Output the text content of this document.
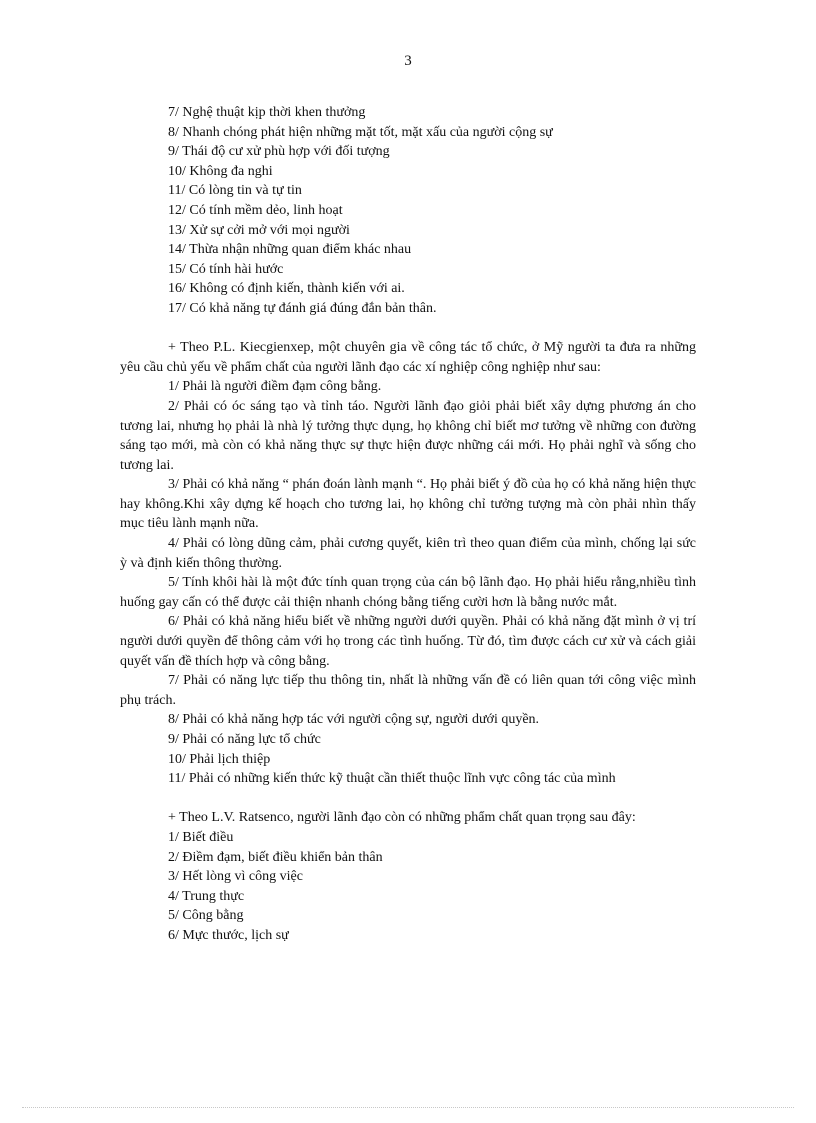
3
7/ Nghệ thuật kịp thời khen thưởng
8/ Nhanh chóng phát hiện những mặt tốt, mặt xấu của người cộng sự
9/ Thái độ cư xử phù hợp với đối tượng
10/ Không đa nghi
11/ Có lòng tin và tự tin
12/ Có tính mềm dẻo, linh hoạt
13/ Xử sự cởi mở với mọi người
14/ Thừa nhận những quan điểm khác nhau
15/ Có tính hài hước
16/ Không có định kiến, thành kiến với ai.
17/ Có khả năng tự đánh giá đúng đắn bản thân.
+ Theo P.L. Kiecgienxep, một chuyên gia về công tác tổ chức, ở Mỹ người ta đưa ra những yêu cầu chủ yếu về phẩm chất của người lãnh đạo các xí nghiệp công nghiệp như sau:
1/ Phải là người điềm đạm công bằng.
2/ Phải có óc sáng tạo và tỉnh táo. Người lãnh đạo giỏi phải biết xây dựng phương án cho tương lai, nhưng họ phải là nhà lý tưởng thực dụng, họ không chỉ biết mơ tưởng về những con đường sáng tạo mới, mà còn có khả năng thực sự thực hiện được những cái mới. Họ phải nghĩ và sống cho tương lai.
3/ Phải có khả năng “ phán đoán lành mạnh “. Họ phải biết ý đồ của họ có khả năng hiện thực hay không.Khi xây dựng kế hoạch cho tương lai, họ không chỉ tưởng tượng mà còn phải nhìn thấy mục tiêu lành mạnh nữa.
4/ Phải có lòng dũng cảm, phải cương quyết, kiên trì theo quan điểm của mình, chống lại sức ỳ và định kiến thông thường.
5/ Tính khôi hài là một đức tính quan trọng của cán bộ lãnh đạo. Họ phải hiểu rằng,nhiều tình huống gay cấn có thể được cải thiện nhanh chóng bằng tiếng cười hơn là bằng nước mắt.
6/ Phải có khả năng hiểu biết về những người dưới quyền. Phải có khả năng đặt mình ở vị trí người dưới quyền để thông cảm với họ trong các tình huống. Từ đó, tìm được cách cư xử và cách giải quyết vấn đề thích hợp và công bằng.
7/ Phải có năng lực tiếp thu thông tin, nhất là những vấn đề có liên quan tới công việc mình phụ trách.
8/ Phải có khả năng hợp tác với người cộng sự, người dưới quyền.
9/ Phải có năng lực tổ chức
10/ Phải lịch thiệp
11/ Phải có những kiến thức kỹ thuật cần thiết thuộc lĩnh vực công tác của mình
+ Theo L.V. Ratsenco, người lãnh đạo còn có những phẩm chất quan trọng sau đây:
1/ Biết điều
2/ Điềm đạm, biết điều khiển bản thân
3/ Hết lòng vì công việc
4/ Trung thực
5/ Công bằng
6/ Mực thước, lịch sự
